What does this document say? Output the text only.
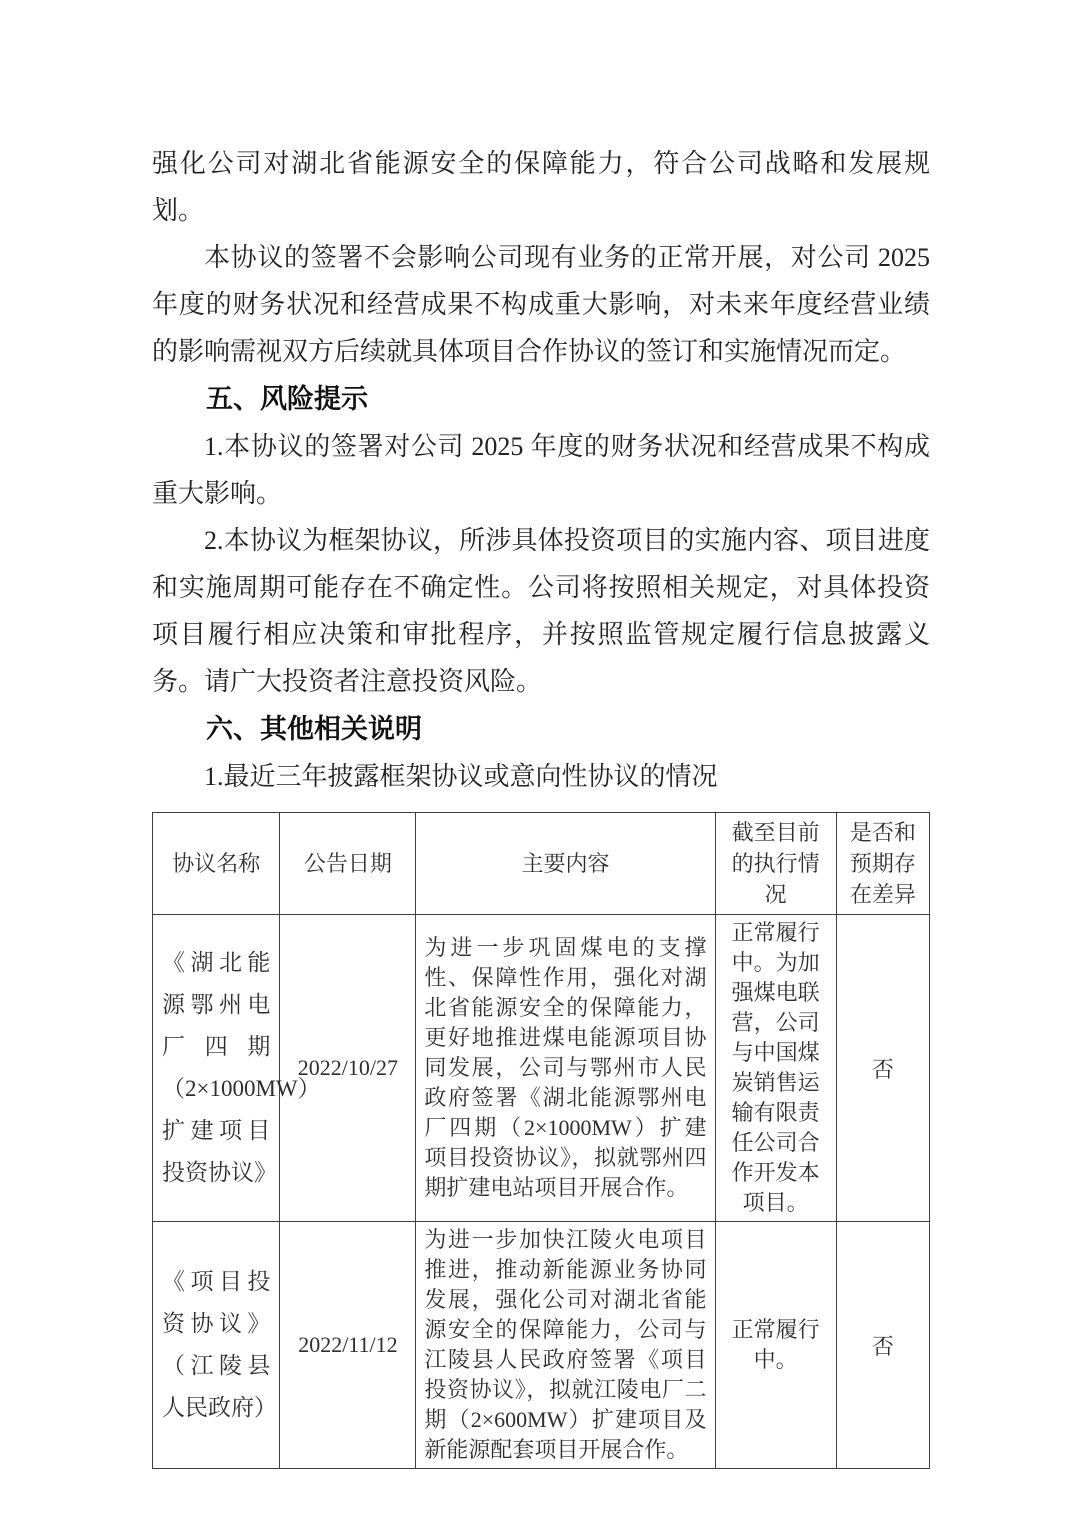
强化公司对湖北省能源安全的保障能力，符合公司战略和发展规划。

本协议的签署不会影响公司现有业务的正常开展，对公司 2025 年度的财务状况和经营成果不构成重大影响，对未来年度经营业绩的影响需视双方后续就具体项目合作协议的签订和实施情况而定。

五、风险提示

1.本协议的签署对公司 2025 年度的财务状况和经营成果不构成重大影响。

2.本协议为框架协议，所涉具体投资项目的实施内容、项目进度和实施周期可能存在不确定性。公司将按照相关规定，对具体投资项目履行相应决策和审批程序，并按照监管规定履行信息披露义务。请广大投资者注意投资风险。

六、其他相关说明

1.最近三年披露框架协议或意向性协议的情况

协议名称	公告日期	主要内容	截至目前的执行情况	是否和预期存在差异
《湖北能源鄂州电厂四期（2×1000MW）扩建项目投资协议》	2022/10/27	为进一步巩固煤电的支撑性、保障性作用，强化对湖北省能源安全的保障能力，更好地推进煤电能源项目协同发展，公司与鄂州市人民政府签署《湖北能源鄂州电厂四期（2×1000MW）扩建项目投资协议》，拟就鄂州四期扩建电站项目开展合作。	正常履行中。为加强煤电联营，公司与中国煤炭销售运输有限责任公司合作开发本项目。	否
《项目投资协议》（江陵县人民政府）	2022/11/12	为进一步加快江陵火电项目推进，推动新能源业务协同发展，强化公司对湖北省能源安全的保障能力，公司与江陵县人民政府签署《项目投资协议》，拟就江陵电厂二期（2×600MW）扩建项目及新能源配套项目开展合作。	正常履行中。	否
